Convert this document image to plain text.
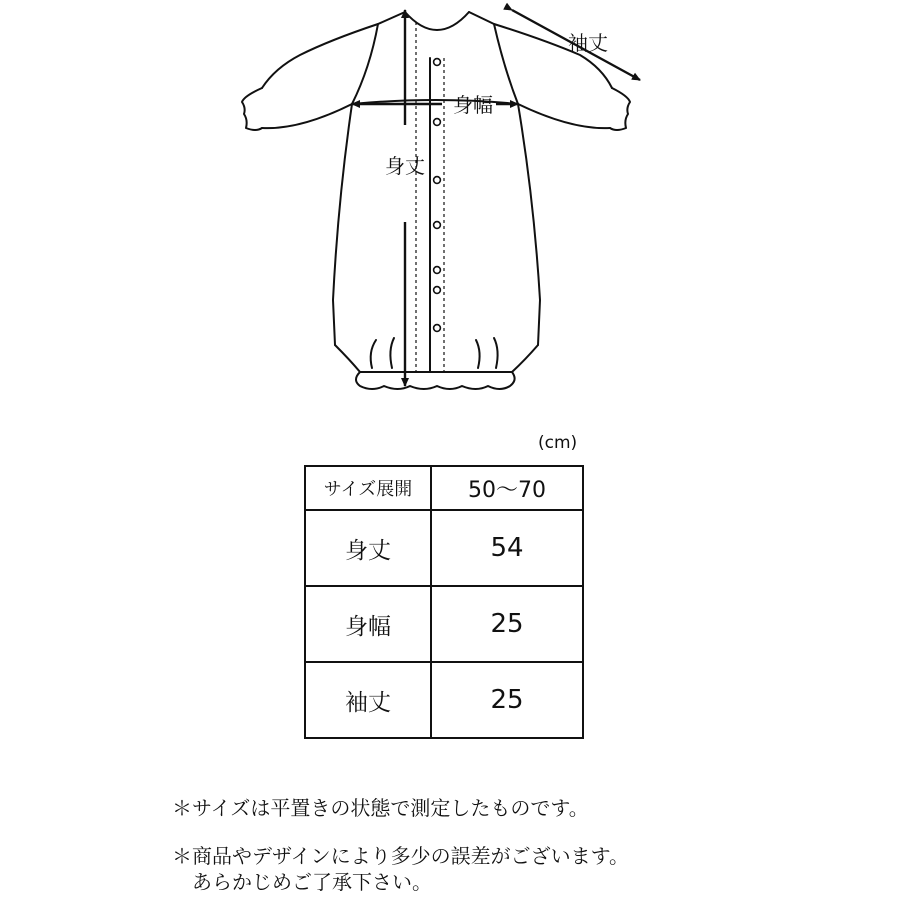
袖丈
身幅
身丈
(cm)
サイズ展開	50〜70
身丈	54
身幅	25
袖丈	25
＊サイズは平置きの状態で測定したものです。
＊商品やデザインにより多少の誤差がございます。
　あらかじめご了承下さい。
